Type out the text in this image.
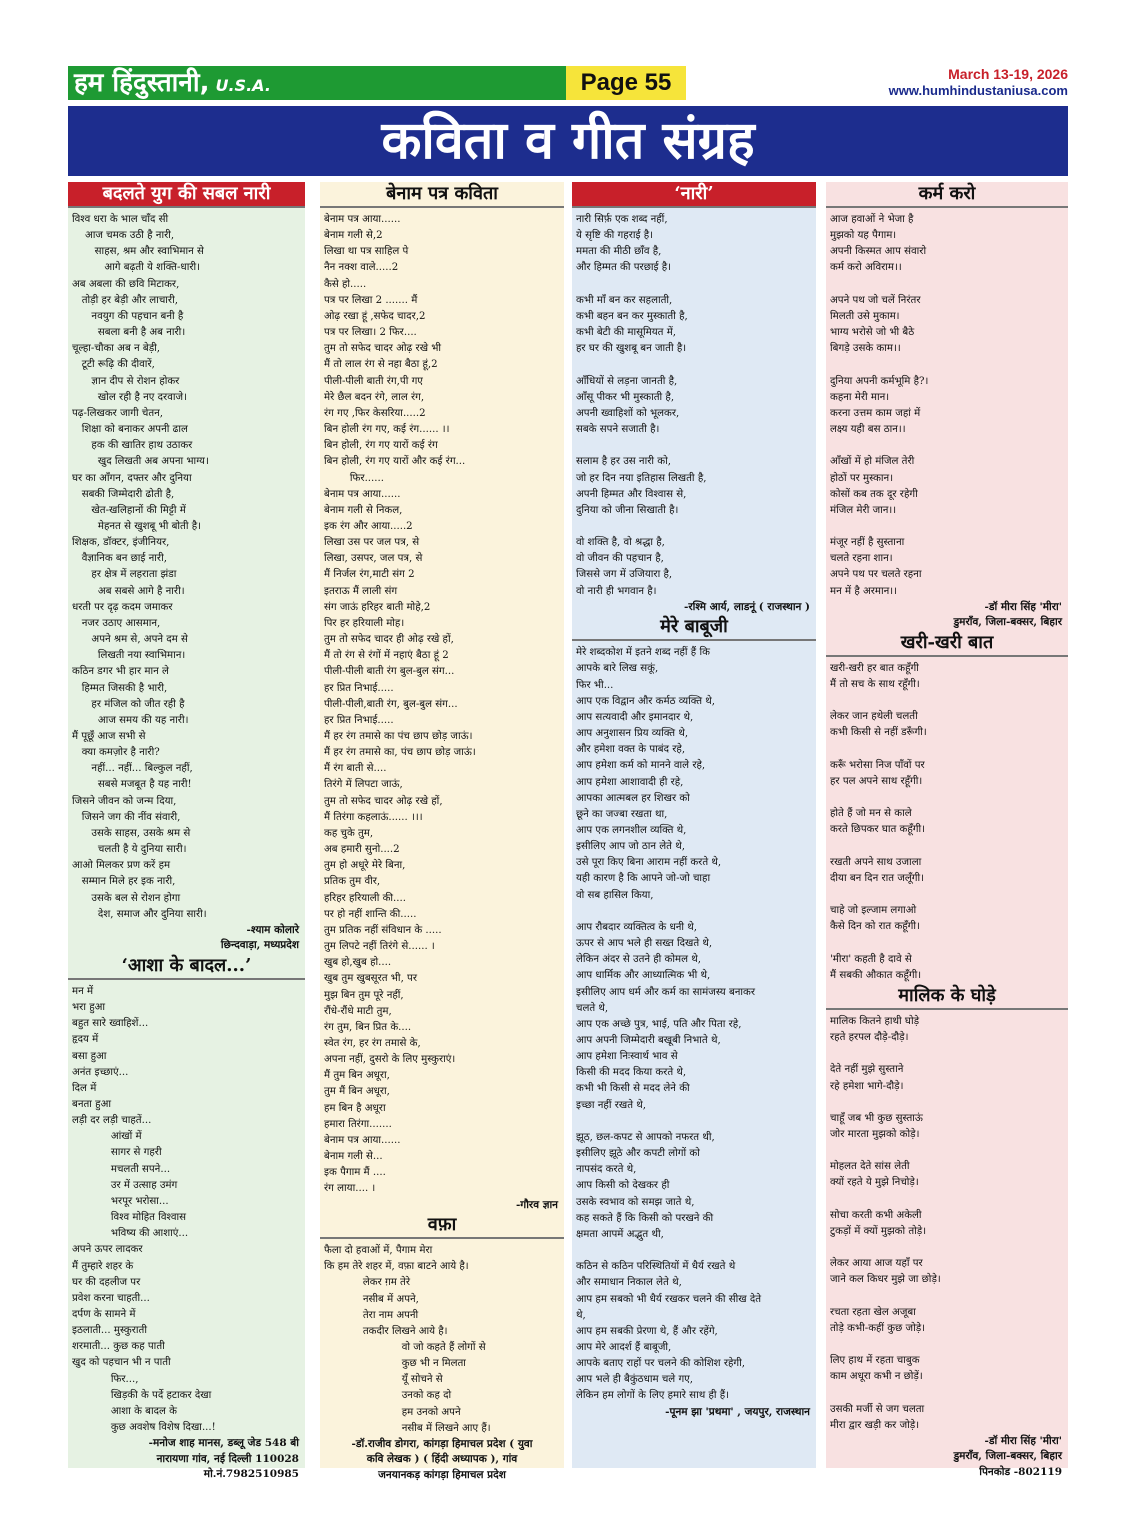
हम हिंदुस्तानी, U.S.A.	Page 55	March 13-19, 2026
www.humhindustaniusa.com
कविता व गीत संग्रह
बदलते युग की सबल नारी
विश्व धरा के भाल चाँद सी
आज चमक उठी है नारी,
साहस, श्रम और स्वाभिमान से
आगे बढ़ती ये शक्ति-धारी।
अब अबला की छवि मिटाकर,
तोड़ी हर बेड़ी और लाचारी,
नवयुग की पहचान बनी है
सबला बनी है अब नारी।
चूल्हा-चौका अब न बेड़ी,
टूटी रूढ़ि की दीवारें,
ज्ञान दीप से रोशन होकर
खोल रही है नए दरवाजे।
पढ़-लिखकर जागी चेतन,
शिक्षा को बनाकर अपनी ढाल
हक की खातिर हाथ उठाकर
खुद लिखती अब अपना भाग्य।
घर का आँगन, दफ्तर और दुनिया
सबकी जिम्मेदारी ढोती है,
खेत-खलिहानों की मिट्टी में
मेहनत से खुशबू भी बोती है।
शिक्षक, डॉक्टर, इंजीनियर,
वैज्ञानिक बन छाई नारी,
हर क्षेत्र में लहराता झंडा
अब सबसे आगे है नारी।
धरती पर दृढ़ कदम जमाकर
नजर उठाए आसमान,
अपने श्रम से, अपने दम से
लिखती नया स्वाभिमान।
कठिन डगर भी हार मान ले
हिम्मत जिसकी है भारी,
हर मंजिल को जीत रही है
आज समय की यह नारी।
मैं पूछूँ आज सभी से
क्या कमज़ोर है नारी?
नहीं... नहीं... बिल्कुल नहीं,
सबसे मजबूत है यह नारी!
जिसने जीवन को जन्म दिया,
जिसने जग की नींव संवारी,
उसके साहस, उसके श्रम से
चलती है ये दुनिया सारी।
आओ मिलकर प्रण करें हम
सम्मान मिले हर इक नारी,
उसके बल से रोशन होगा
देश, समाज और दुनिया सारी।
-श्याम कोलारे
छिन्दवाड़ा, मध्यप्रदेश
‘आशा के बादल...’
मन में
भरा हुआ
बहुत सारे ख्वाहिशें...
हृदय में
बसा हुआ
अनंत इच्छाएं...
दिल में
बनता हुआ
लड़ी दर लड़ी चाहतें...
आंखों में
सागर से गहरी
मचलती सपने...
उर में उत्साह उमंग
भरपूर भरोसा...
विश्व मोहित विश्वास
भविष्य की आशाएं...
अपने ऊपर लादकर
मैं तुम्हारे शहर के
घर की दहलीज पर
प्रवेश करना चाहती...
दर्पण के सामने में
इठलाती... मुस्कुराती
शरमाती... कुछ कह पाती
खुद को पहचान भी न पाती
फिर...,
खिड़की के पर्दे हटाकर देखा
आशा के बादल के
कुछ अवशेष विशेष दिखा...!
-मनोज शाह मानस, डब्लू जेड 548 बी
नारायणा गांव, नई दिल्ली 110028
मो.नं.7982510985
बेनाम पत्र कविता
बेनाम पत्र आया......
बेनाम गली से,2
लिखा था पत्र साहिल पे
नैन नक्श वाले.....2
कैसे हो.....
पत्र पर लिखा 2 ....... मैं
ओढ़ रखा हूं ,सफेद चादर,2
पत्र पर लिखा। 2 फिर....
तुम तो सफेद चादर ओढ़ रखे भी
मैं तो लाल रंग से नहा बैठा हूं,2
पीली-पीली बाती रंग,पी गए
मेरे छैल बदन रंगे, लाल रंग,
रंग गए ,फिर केसरिया.....2
बिन होली रंग गए, कई रंग...... ।।
बिन होली, रंग गए यारों कई रंग
बिन होली, रंग गए यारों और कई रंग...
फिर......
बेनाम पत्र आया......
बेनाम गली से निकल,
इक रंग और आया.....2
लिखा उस पर जल पत्र, से
लिखा, उसपर, जल पत्र, से
मैं निर्जल रंग,माटी संग 2
इतराऊ मैं लाली संग
संग जाऊं हरिहर बाती मोहे,2
पिर हर हरियाली मोह।
तुम तो सफेद चादर ही ओढ़ रखे हों,
मैं तो रंग से रंगों में नहाएं बैठा हूं 2
पीली-पीली बाती रंग बुल-बुल संग...
हर प्रित निभाई.....
पीली-पीली,बाती रंग, बुल-बुल संग...
हर प्रित निभाई.....
मैं हर रंग तमासे का पंच छाप छोड़ जाऊं।
मैं हर रंग तमासे का, पंच छाप छोड़ जाऊं।
मैं रंग बाती से....
तिरंगे में लिपटा जाऊं,
तुम तो सफेद चादर ओढ़ रखे हों,
मैं तिरंगा कहलाऊं...... ।।।
कह चुके तुम,
अब हमारी सुनो....2
तुम हो अधूरे मेरे बिना,
प्रतिक तुम वीर,
हरिहर हरियाली की....
पर हो नहीं शान्ति की.....
तुम प्रतिक नहीं संविधान के .....
तुम लिपटे नहीं तिरंगे से...... ।
खुब हो,खुब हो....
खुब तुम खुबसूरत भी, पर
मुझ बिन तुम पूरे नहीं,
रौंधे-रौंधे माटी तुम,
रंग तुम, बिन प्रित के....
स्वेत रंग, हर रंग तमासे के,
अपना नहीं, दुसरो के लिए मुस्कुराएं।
मैं तुम बिन अधूरा,
तुम मैं बिन अधूरा,
हम बिन है अधूरा
हमारा तिरंगा.......
बेनाम पत्र आया......
बेनाम गली से...
इक पैगाम मैं ....
रंग लाया.... ।
-गौरव ज्ञान
वफ़ा
फैला दो हवाओं में, पैगाम मेरा
कि हम तेरे शहर में, वफ़ा बाटने आये है।
लेकर ग़म तेरे
नसीब में अपने,
तेरा नाम अपनी
तकदीर लिखने आये है।
वो जो कहते हैं लोगों से
कुछ भी न मिलता
यूँ सोचने से
उनको कह दो
हम उनको अपने
नसीब में लिखने आए हैं।
-डॉ.राजीव डोगरा, कांगड़ा हिमाचल प्रदेश ( युवा
कवि लेखक ) ( हिंदी अध्यापक ), गांव
जनयानकड़ कांगड़ा हिमाचल प्रदेश
‘नारी’
नारी सिर्फ़ एक शब्द नहीं,
ये सृष्टि की गहराई है।
ममता की मीठी छाँव है,
और हिम्मत की परछाई है।

कभी माँ बन कर सहलाती,
कभी बहन बन कर मुस्काती है,
कभी बेटी की मासूमियत में,
हर घर की खुशबू बन जाती है।

आँधियों से लड़ना जानती है,
आँसू पीकर भी मुस्काती है,
अपनी ख्वाहिशों को भूलकर,
सबके सपने सजाती है।

सलाम है हर उस नारी को,
जो हर दिन नया इतिहास लिखती है,
अपनी हिम्मत और विश्वास से,
दुनिया को जीना सिखाती है।

वो शक्ति है, वो श्रद्धा है,
वो जीवन की पहचान है,
जिससे जग में उजियारा है,
वो नारी ही भगवान है।
-रश्मि आर्य, लाडनूं ( राजस्थान )
मेरे बाबूजी
मेरे शब्दकोश में इतने शब्द नहीं हैं कि
आपके बारे लिख सकूं,
फिर भी...
आप एक विद्वान और कर्मठ व्यक्ति थे,
आप सत्यवादी और इमानदार थे,
आप अनुशासन प्रिय व्यक्ति थे,
और हमेशा वक्त के पाबंद रहे,
आप हमेशा कर्म को मानने वाले रहे,
आप हमेशा आशावादी ही रहे,
आपका आत्मबल हर शिखर को
छूने का जज्बा रखता था,
आप एक लगनशील व्यक्ति थे,
इसीलिए आप जो ठान लेते थे,
उसे पूरा किए बिना आराम नहीं करते थे,
यही कारण है कि आपने जो-जो चाहा
वो सब हासिल किया,

आप रौबदार व्यक्तित्व के धनी थे,
ऊपर से आप भले ही सख्त दिखते थे,
लेकिन अंदर से उतने ही कोमल थे,
आप धार्मिक और आध्यात्मिक भी थे,
इसीलिए आप धर्म और कर्म का सामंजस्य बनाकर
चलते थे,
आप एक अच्छे पुत्र, भाई, पति और पिता रहे,
आप अपनी जिम्मेदारी बखूबी निभाते थे,
आप हमेशा निःस्वार्थ भाव से
किसी की मदद किया करते थे,
कभी भी किसी से मदद लेने की
इच्छा नहीं रखते थे,

झूठ, छल-कपट से आपको नफरत थी,
इसीलिए झूठे और कपटी लोगों को
नापसंद करते थे,
आप किसी को देखकर ही
उसके स्वभाव को समझ जाते थे,
कह सकते हैं कि किसी को परखने की
क्षमता आपमें अद्भुत थी,

कठिन से कठिन परिस्थितियों में धैर्य रखते थे
और समाधान निकाल लेते थे,
आप हम सबको भी धैर्य रखकर चलने की सीख देते
थे,
आप हम सबकी प्रेरणा थे, हैं और रहेंगे,
आप मेरे आदर्श हैं बाबूजी,
आपके बताए राहों पर चलने की कोशिश रहेगी,
आप भले ही बैकुंठधाम चले गए,
लेकिन हम लोगों के लिए हमारे साथ ही हैं।
-पूनम झा 'प्रथमा' , जयपुर, राजस्थान
कर्म करो
आज हवाओं ने भेजा है
मुझको यह पैगाम।
अपनी किस्मत आप संवारो
कर्म करो अविराम।।

अपने पथ जो चलें निरंतर
मिलती उसे मुकाम।
भाग्य भरोसे जो भी बैठे
बिगड़े उसके काम।।

दुनिया अपनी कर्मभूमि है?।
कहना मेरी मान।
करना उत्तम काम जहां में
लक्ष्य यही बस ठान।।

आँखों में हो मंजिल तेरी
होठों पर मुस्कान।
कोसों कब तक दूर रहेगी
मंजिल मेरी जान।।

मंजूर नहीं है सुस्ताना
चलते रहना शान।
अपने पथ पर चलते रहना
मन में है अरमान।।
-डॉ मीरा सिंह 'मीरा'
डुमराँव, जिला-बक्सर, बिहार
खरी-खरी बात
खरी-खरी हर बात कहूँगी
मैं तो सच के साथ रहूँगी।

लेकर जान हथेली चलती
कभी किसी से नहीं डरूँगी।

करूँ भरोसा निज पाँवों पर
हर पल अपने साथ रहूँगी।

होते हैं जो मन से काले
करते छिपकर घात कहूँगी।

रखती अपने साथ उजाला
दीया बन दिन रात जलूँगी।

चाहे जो इल्जाम लगाओ
कैसे दिन को रात कहूँगी।

'मीरा' कहती है दावे से
मैं सबकी औकात कहूँगी।
मालिक के घोड़े
मालिक कितने हाथी घोड़े
रहते हरपल दौड़े-दौड़े।

देते नहीं मुझे सुस्ताने
रहे हमेशा भागे-दौड़े।

चाहूँ जब भी कुछ सुस्ताऊं
जोर मारता मुझको कोड़े।

मोहलत देते सांस लेती
क्यों रहते ये मुझे निचोड़े।

सोचा करती कभी अकेली
टुकड़ों में क्यों मुझको तोड़े।

लेकर आया आज यहाँ पर
जाने कल किधर मुझे जा छोड़े।

रचता रहता खेल अजूबा
तोड़े कभी-कहीं कुछ जोड़े।

लिए हाथ में रहता चाबुक
काम अधूरा कभी न छोड़ें।

उसकी मर्जी से जग चलता
मीरा द्वार खड़ी कर जोड़े।
-डॉ मीरा सिंह 'मीरा'
डुमराँव, जिला-बक्सर, बिहार
पिनकोड -802119
